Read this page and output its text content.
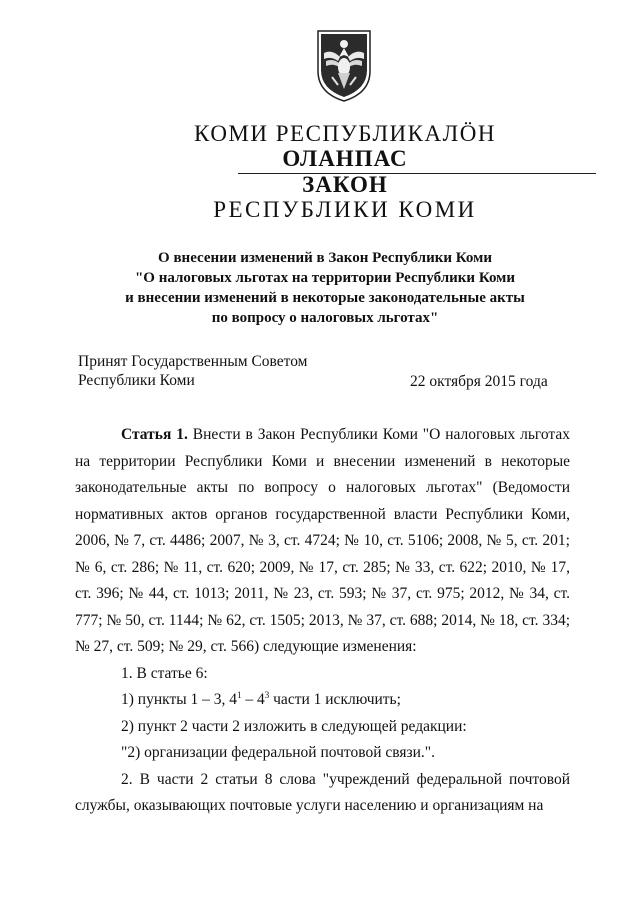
КОМИ РЕСПУБЛИКАЛÖН
ОЛАНПАС
ЗАКОН
РЕСПУБЛИКИ КОМИ
О внесении изменений в Закон Республики Коми
"О налоговых льготах на территории Республики Коми
и внесении изменений в некоторые законодательные акты
по вопросу о налоговых льготах"
Принят Государственным Советом
Республики Коми	22 октября 2015 года

Статья 1. Внести в Закон Республики Коми "О налоговых льготах на территории Республики Коми и внесении изменений в некоторые законодательные акты по вопросу о налоговых льготах" (Ведомости нормативных актов органов государственной власти Республики Коми, 2006, № 7, ст. 4486; 2007, № 3, ст. 4724; № 10, ст. 5106; 2008, № 5, ст. 201; № 6, ст. 286; № 11, ст. 620; 2009, № 17, ст. 285; № 33, ст. 622; 2010, № 17, ст. 396; № 44, ст. 1013; 2011, № 23, ст. 593; № 37, ст. 975; 2012, № 34, ст. 777; № 50, ст. 1144; № 62, ст. 1505; 2013, № 37, ст. 688; 2014, № 18, ст. 334; № 27, ст. 509; № 29, ст. 566) следующие изменения:

1. В статье 6:

1) пункты 1 – 3, $4^1 - 4^3$ части 1 исключить;

2) пункт 2 части 2 изложить в следующей редакции:

"2) организации федеральной почтовой связи.".

2. В части 2 статьи 8 слова "учреждений федеральной почтовой службы, оказывающих почтовые услуги населению и организациям на
